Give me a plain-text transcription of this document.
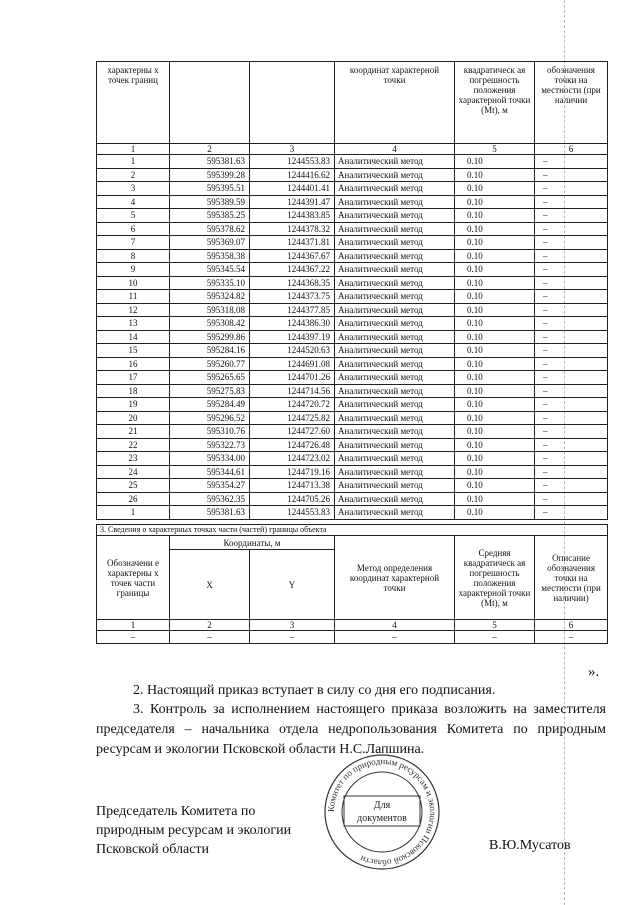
характерны х точек границ			координат характерной точки	квадратическ ая погрешность положения характерной точки (Mt), м	обозначения точки на местности (при наличии
1	2	3	4	5	6
1	595381.63	1244553.83	Аналитический метод	0.10	–
2	595399.28	1244416.62	Аналитический метод	0.10	–
3	595395.51	1244401.41	Аналитический метод	0.10	–
4	595389.59	1244391.47	Аналитический метод	0.10	–
5	595385.25	1244383.85	Аналитический метод	0.10	–
6	595378.62	1244378.32	Аналитический метод	0.10	–
7	595369.07	1244371.81	Аналитический метод	0.10	–
8	595358.38	1244367.67	Аналитический метод	0.10	–
9	595345.54	1244367.22	Аналитический метод	0.10	–
10	595335.10	1244368.35	Аналитический метод	0.10	–
11	595324.82	1244373.75	Аналитический метод	0.10	–
12	595318.08	1244377.85	Аналитический метод	0.10	–
13	595308.42	1244386.30	Аналитический метод	0.10	–
14	595299.86	1244397.19	Аналитический метод	0.10	–
15	595284.16	1244520.63	Аналитический метод	0.10	–
16	595260.77	1244691.08	Аналитический метод	0.10	–
17	595265.65	1244701.26	Аналитический метод	0.10	–
18	595275.83	1244714.56	Аналитический метод	0.10	–
19	595284.49	1244720.72	Аналитический метод	0.10	–
20	595296.52	1244725.82	Аналитический метод	0.10	–
21	595310.76	1244727.60	Аналитический метод	0.10	–
22	595322.73	1244726.48	Аналитический метод	0.10	–
23	595334.00	1244723.02	Аналитический метод	0.10	–
24	595344.61	1244719.16	Аналитический метод	0.10	–
25	595354.27	1244713.38	Аналитический метод	0.10	–
26	595362.35	1244705.26	Аналитический метод	0.10	–
1	595381.63	1244553.83	Аналитический метод	0.10	–
3. Сведения о характерных точках части (частей) границы объекта					
Обозначени е характерны х точек части границы	Координаты, м		Метод определения координат характерной точки	Средняя квадратическ ая погрешность положения характерной точки (Mt), м	Описание обозначения точки на местности (при наличии)
	X	Y			
1	2	3	4	5	6
–	–	–	–	–	–
».
2. Настоящий приказ вступает в силу со дня его подписания.
3. Контроль за исполнением настоящего приказа возложить на заместителя председателя – начальника отдела недропользования Комитета по природным ресурсам и экологии Псковской области Н.С.Лапшина.
Председатель Комитета по
природным ресурсам и экологии
Псковской области	В.Ю.Мусатов
Комитет по природным ресурсам и экологии Псковской области
Для
документов
